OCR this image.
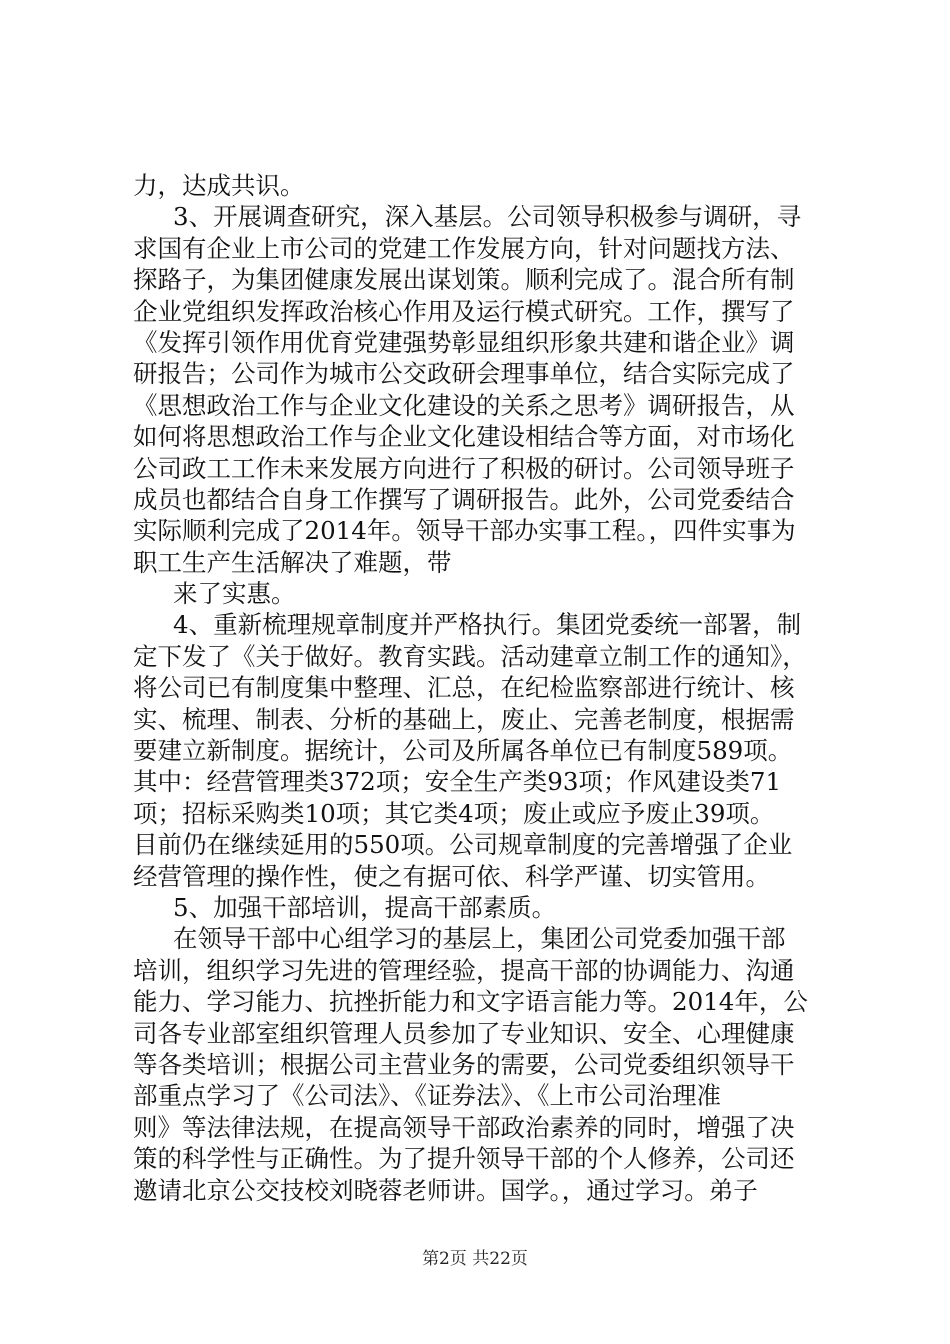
力，达成共识。
3、开展调查研究，深入基层。公司领导积极参与调研，寻
求国有企业上市公司的党建工作发展方向，针对问题找方法、
探路子，为集团健康发展出谋划策。顺利完成了。混合所有制
企业党组织发挥政治核心作用及运行模式研究。工作，撰写了
《发挥引领作用优育党建强势彰显组织形象共建和谐企业》调
研报告；公司作为城市公交政研会理事单位，结合实际完成了
《思想政治工作与企业文化建设的关系之思考》调研报告，从
如何将思想政治工作与企业文化建设相结合等方面，对市场化
公司政工工作未来发展方向进行了积极的研讨。公司领导班子
成员也都结合自身工作撰写了调研报告。此外，公司党委结合
实际顺利完成了2014年。领导干部办实事工程。，四件实事为
职工生产生活解决了难题，带
来了实惠。
4、重新梳理规章制度并严格执行。集团党委统一部署，制
定下发了《关于做好。教育实践。活动建章立制工作的通知》，
将公司已有制度集中整理、汇总，在纪检监察部进行统计、核
实、梳理、制表、分析的基础上，废止、完善老制度，根据需
要建立新制度。据统计，公司及所属各单位已有制度589项。
其中：经营管理类372项；安全生产类93项；作风建设类71
项；招标采购类10项；其它类4项；废止或应予废止39项。
目前仍在继续延用的550项。公司规章制度的完善增强了企业
经营管理的操作性，使之有据可依、科学严谨、切实管用。
5、加强干部培训，提高干部素质。
在领导干部中心组学习的基层上，集团公司党委加强干部
培训，组织学习先进的管理经验，提高干部的协调能力、沟通
能力、学习能力、抗挫折能力和文字语言能力等。2014年，公
司各专业部室组织管理人员参加了专业知识、安全、心理健康
等各类培训；根据公司主营业务的需要，公司党委组织领导干
部重点学习了《公司法》、《证券法》、《上市公司治理准
则》等法律法规，在提高领导干部政治素养的同时，增强了决
策的科学性与正确性。为了提升领导干部的个人修养，公司还
邀请北京公交技校刘晓蓉老师讲。国学。，通过学习。弟子
第2页 共22页
